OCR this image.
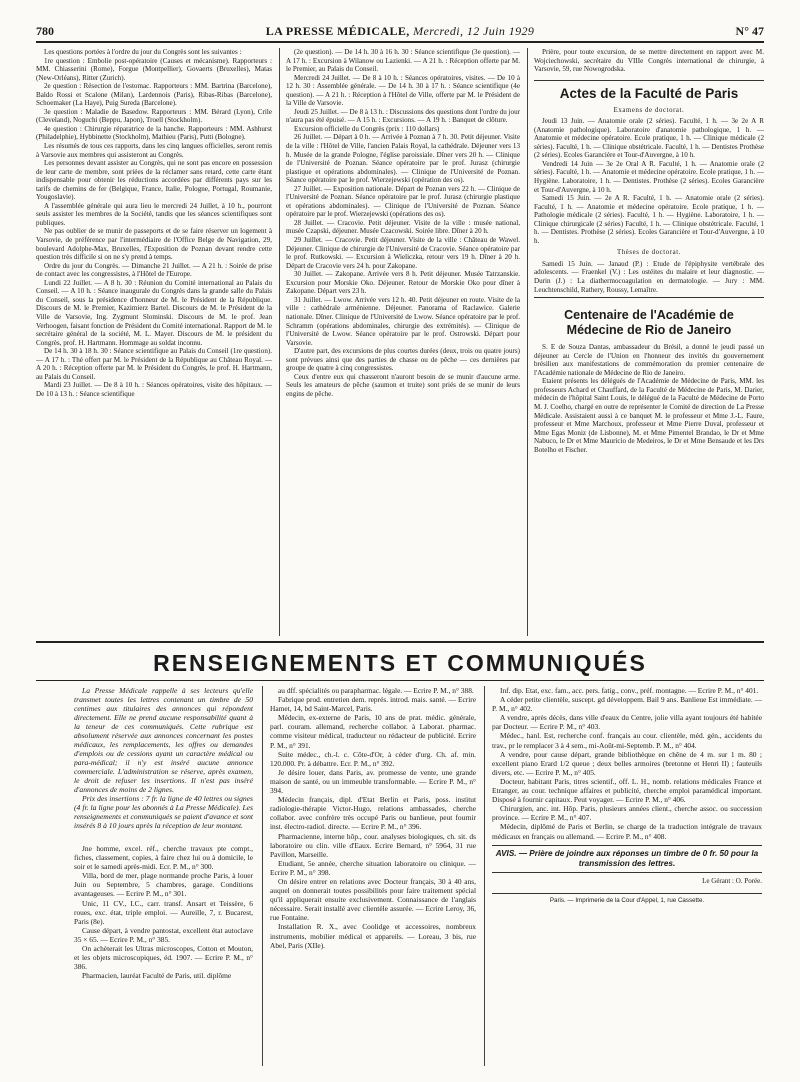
780	LA PRESSE MÉDICALE, Mercredi, 12 Juin 1929	N° 47

Les questions portées à l'ordre du jour du Congrès sont les suivantes :

1re question : Embolie post-opératoire (Causes et mécanisme). Rapporteurs : MM. Chiasserini (Rome), Forgue (Montpellier), Govaerts (Bruxelles), Matas (New-Orléans), Ritter (Zurich).

2e question : Résection de l'estomac. Rapporteurs : MM. Bartrina (Barcelone), Baldo Rossi et Scalone (Milan), Lardennois (Paris), Ribas-Ribas (Barcelone), Schoemaker (La Haye), Puig Sureda (Barcelone).

3e question : Maladie de Basedow. Rapporteurs : MM. Bérard (Lyon), Crile (Cleveland), Noguchi (Beppu, Japon), Troell (Stockholm).

4e question : Chirurgie réparatrice de la hanche. Rapporteurs : MM. Ashhurst (Philadelphie), Hybbinette (Stockholm), Mathieu (Paris), Putti (Bologne).

Les résumés de tous ces rapports, dans les cinq langues officielles, seront remis à Varsovie aux membres qui assisteront au Congrès.

Les personnes devant assister au Congrès, qui ne sont pas encore en possession de leur carte de membre, sont priées de la réclamer sans retard, cette carte étant indispensable pour obtenir les réductions accordées par différents pays sur les tarifs de chemins de fer (Belgique, France, Italie, Pologne, Portugal, Roumanie, Yougoslavie).

A l'assemblée générale qui aura lieu le mercredi 24 Juillet, à 10 h., pourront seuls assister les membres de la Société, tandis que les séances scientifiques sont publiques.

Ne pas oublier de se munir de passeports et de se faire réserver un logement à Varsovie, de préférence par l'intermédiaire de l'Office Belge de Navigation, 29, boulevard Adolphe-Max, Bruxelles, l'Exposition de Poznan devant rendre cette question très difficile si on ne s'y prend à temps.

Ordre du jour du Congrès. — Dimanche 21 Juillet. — A 21 h. : Soirée de prise de contact avec les congressistes, à l'Hôtel de l'Europe.

Lundi 22 Juillet. — A 8 h. 30 : Réunion du Comité international au Palais du Conseil. — A 10 h. : Séance inaugurale du Congrès dans la grande salle du Palais du Conseil, sous la présidence d'honneur de M. le Président de la République. Discours de M. le Premier, Kazimierz Bartel. Discours de M. le Président de la Ville de Varsovie, Ing. Zygmunt Slominski. Discours de M. le prof. Jean Verhoogen, faisant fonction de Président du Comité international. Rapport de M. le secrétaire général de la société, M. L. Mayer. Discours de M. le président du Congrès, prof. H. Hartmann. Hommage au soldat inconnu.

De 14 h. 30 à 18 h. 30 : Séance scientifique au Palais du Conseil (1re question). — A 17 h. : Thé offert par M. le Président de la République au Château Royal. — A 20 h. : Réception offerte par M. le Président du Congrès, le prof. H. Hartmann, au Palais du Conseil.

Mardi 23 Juillet. — De 8 à 10 h. : Séances opératoires, visite des hôpitaux. — De 10 à 13 h. : Séance scientifique

(2e question). — De 14 h. 30 à 16 h. 30 : Séance scientifique (3e question). — A 17 h. : Excursion à Wilanow ou Lazienki. — A 21 h. : Réception offerte par M. le Premier, au Palais du Conseil.

Mercredi 24 Juillet. — De 8 à 10 h. : Séances opératoires, visites. — De 10 à 12 h. 30 : Assemblée générale. — De 14 h. 30 à 17 h. : Séance scientifique (4e question). — A 21 h. : Réception à l'Hôtel de Ville, offerte par M. le Président de la Ville de Varsovie.

Jeudi 25 Juillet. — De 8 à 13 h. : Discussions des questions dont l'ordre du jour n'aura pas été épuisé. — A 15 h. : Excursions. — A 19 h. : Banquet de clôture.

Excursion officielle du Congrès (prix : 110 dollars)

26 Juillet. — Départ à 0 h. — Arrivée à Poznan à 7 h. 30. Petit déjeuner. Visite de la ville : l'Hôtel de Ville, l'ancien Palais Royal, la cathédrale. Déjeuner vers 13 h. Musée de la grande Pologne, l'église paroissiale. Dîner vers 20 h. — Clinique de l'Université de Poznan. Séance opératoire par le prof. Jurasz (chirurgie plastique et opérations abdominales). — Clinique de l'Université de Poznan. Séance opératoire par le prof. Wierzejewski (opération des os).

27 Juillet. — Exposition nationale. Départ de Poznan vers 22 h. — Clinique de l'Université de Poznan. Séance opératoire par le prof. Jurasz (chirurgie plastique et opérations abdominales). — Clinique de l'Université de Poznan. Séance opératoire par le prof. Wierzejewski (opérations des os).

28 Juillet. — Cracovie. Petit déjeuner. Visite de la ville : musée national, musée Czapski, déjeuner. Musée Czacowski. Soirée libre. Dîner à 20 h.

29 Juillet. — Cracovie. Petit déjeuner. Visite de la ville : Château de Wawel. Déjeuner. Clinique de chirurgie de l'Université de Cracovie. Séance opératoire par le prof. Rutkowski. — Excursion à Wieliczka, retour vers 19 h. Dîner à 20 h. Départ de Cracovie vers 24 h. pour Zakopane.

30 Juillet. — Zakopane. Arrivée vers 8 h. Petit déjeuner. Musée Tatrzanskie. Excursion pour Morskie Oko. Déjeuner. Retour de Morskie Oko pour dîner à Zakopane. Départ vers 23 h.

31 Juillet. — Lwow. Arrivée vers 12 h. 40. Petit déjeuner en route. Visite de la ville : cathédrale arménienne. Déjeuner. Panorama of Raclawice. Galerie nationale. Dîner. Clinique de l'Université de Lwow. Séance opératoire par le prof. Schramm (opérations abdominales, chirurgie des extrémités). — Clinique de l'Université de Lwow. Séance opératoire par le prof. Ostrowski. Départ pour Varsovie.

D'autre part, des excursions de plus courtes durées (deux, trois ou quatre jours) sont prévues ainsi que des parties de chasse ou de pêche — ces dernières par groupe de quatre à cinq congressistes.

Ceux d'entre eux qui chasseront n'auront besoin de se munir d'aucune arme. Seuls les amateurs de pêche (saumon et truite) sont priés de se munir de leurs engins de pêche.

Prière, pour toute excursion, de se mettre directement en rapport avec M. Wojciechowski, secrétaire du VIIIe Congrès international de chirurgie, à Varsovie, 59, rue Nowogrodska.

Actes de la Faculté de Paris
Examens de doctorat.

Jeudi 13 Juin. — Anatomie orale (2 séries). Faculté, 1 h. — 3e 2e A R (Anatomie pathologique). Laboratoire d'anatomie pathologique, 1 h. — Anatomie et médecine opératoire. Ecole pratique, 1 h. — Clinique médicale (2 séries). Faculté, 1 h. — Clinique obstétricale. Faculté, 1 h. — Dentistes Prothèse (2 séries). Ecoles Garancière et Tour-d'Auvergne, à 10 h.

Vendredi 14 Juin — 3e 2e Oral A R. Faculté, 1 h. — Anatomie orale (2 séries). Faculté, 1 h. — Anatomie et médecine opératoire. Ecole pratique, 1 h. — Hygiène. Laboratoire, 1 h. — Dentistes. Prothèse (2 séries). Ecoles Garancière et Tour-d'Auvergne, à 10 h.

Samedi 15 Juin. — 2e A R. Faculté, 1 h. — Anatomie orale (2 séries). Faculté, 1 h. — Anatomie et médecine opératoire. Ecole pratique, 1 h. — Pathologie médicale (2 séries). Faculté, 1 h. — Hygiène. Laboratoire, 1 h. — Clinique chirurgicale (2 séries) Faculté, 1 h. — Clinique obstétricale. Faculté, 1 h. — Dentistes. Prothèse (2 séries). Ecoles Garancière et Tour-d'Auvergne, à 10 h.

Thèses de doctorat.

Samedi 15 Juin. — Janaud (P.) : Etude de l'épiphysite vertébrale des adolescents. — Fraenkel (V.) : Les ostéites du malaire et leur diagnostic. — Durin (J.) : La diathermocoagulation en dermatologie. — Jury : MM. Leuchtenschild, Rathery, Roussy, Lemaître.

Centenaire de l'Académie de Médecine de Rio de Janeiro

S. E de Souza Dantas, ambassadeur du Brésil, a donné le jeudi passé un déjeuner au Cercle de l'Union en l'honneur des invités du gouvernement brésilien aux manifestations de commémoration du premier centenaire de l'Académie nationale de Médecine de Rio de Janeiro.

Etaient présents les délégués de l'Académie de Médecine de Paris, MM. les professeurs Achard et Chauffard, de la Faculté de Médecine de Paris, M. Darier, médecin de l'hôpital Saint Louis, le délégué de la Faculté de Médecine de Porto M. J. Coelho, chargé en outre de représenter le Comité de direction de La Presse Médicale. Assistaient aussi à ce banquet M. le professeur et Mme J.-L. Faure, professeur et Mme Marchoux, professeur et Mme Pierre Duval, professeur et Mme Egas Moniz (de Lisbonne), M. et Mme Pimentel Brandao, le Dr et Mme Nabuco, le Dr et Mme Mauricio de Medeiros, le Dr et Mme Bensaude et les Drs Botelho et Fischer.

RENSEIGNEMENTS ET COMMUNIQUÉS

La Presse Médicale rappelle à ses lecteurs qu'elle transmet toutes les lettres contenant un timbre de 50 centimes aux titulaires des annonces qui répondent directement. Elle ne prend aucune responsabilité quant à la teneur de ces communiqués. Cette rubrique est absolument réservée aux annonces concernant les postes médicaux, les remplacements, les offres ou demandes d'emplois ou de cessions ayant un caractère médical ou para-médical; il n'y est inséré aucune annonce commerciale. L'administration se réserve, après examen, le droit de refuser les insertions. Il n'est pas inséré d'annonces de moins de 2 lignes.

Prix des insertions : 7 fr. la ligne de 40 lettres ou signes (4 fr. la ligne pour les abonnés à La Presse Médicale). Les renseignements et communiqués se paient d'avance et sont insérés 8 à 10 jours après la réception de leur montant.

Jne homme, excel. réf., cherche travaux pte compt., fiches, classement, copies, à faire chez lui ou à domicile, le soir et le samedi après-midi. Ecr. P. M., n° 300.

Villa, bord de mer, plage normande proche Paris, à louer Juin ou Septembre, 5 chambres, garage. Conditions avantageuses. — Ecrire P. M., n° 301.

Unic, 11 CV., I.C., carr. transf. Ansart et Teissère, 6 roues, exc. état, triple emploi. — Aureille, 7, r. Bucarest, Paris (8e).

Cause départ, à vendre pantostat, excellent état autoclave 35 × 65. — Ecrire P. M., n° 385.

On achèterait les Ultras microscopes, Cotton et Mouton, et les objets microscopiques, éd. 1907. — Ecrire P. M., n° 386.

Pharmacien, lauréat Faculté de Paris, util. diplôme

au dff. spécialités ou parapharmac. légale. — Ecrire P. M., n° 388.

Fabrique prod. entretien dem. représ. introd. mais. santé. — Ecrire Hamet, 14, bd Saint-Marcel, Paris.

Médecin, ex-externe de Paris, 10 ans de prat. médic. générale, parl. couram. allemand, recherche collabor. à Laborat. pharmac. comme visiteur médical, traducteur ou rédacteur de publicité. Ecrire P. M., n° 391.

Suite médec., ch.-l. c. Côte-d'Or, à céder d'urg. Ch. af. min. 120.000. Pr. à débattre. Ecr. P. M., n° 392.

Je désire louer, dans Paris, av. promesse de vente, une grande maison de santé, ou un immeuble transformable. — Ecrire P. M., n° 394.

Médecin français, dipl. d'Etat Berlin et Paris, poss. institut radiologie-thérapie Victor-Hugo, relations ambassades, cherche collabor. avec confrère très occupé Paris ou banlieue, peut fournir inst. électro-radiol. directe. — Ecrire P. M., n° 396.

Pharmacienne, interne hôp., cour. analyses biologiques, ch. sit. ds laboratoire ou clin. ville d'Eaux. Ecrire Bernard, n° 5964, 31 rue Pavillon, Marseille.

Etudiant, 5e année, cherche situation laboratoire ou clinique. — Ecrire P. M., n° 398.

On désire entrer en relations avec Docteur français, 30 à 40 ans, auquel on donnerait toutes possibilités pour faire traitement spécial qu'il appliquerait ensuite exclusivement. Connaissance de l'anglais nécessaire. Serait installé avec clientèle assurée. — Ecrire Leroy, 36, rue Fontaine.

Installation R. X., avec Coolidge et accessoires, nombreux instruments, mobilier médical et appareils. — Loreau, 3 bis, rue Abel, Paris (XIIe).

Inf. dip. Etat, exc. fam., acc. pers. fatig., conv., préf. montagne. — Ecrire P. M., n° 401.

A céder petite clientèle, suscept. gd développem. Bail 9 ans. Banlieue Est immédiate. — P. M., n° 402.

A vendre, après décès, dans ville d'eaux du Centre, jolie villa ayant toujours été habitée par Docteur. — Ecrire P. M., n° 403.

Médec., hanl. Est, recherche conf. français au cour. clientèle, méd. gén., accidents du trav., pr le remplacer 3 à 4 sem., mi-Août-mi-Septemb. P. M., n° 404.

A vendre, pour cause départ, grande bibliothèque en chêne de 4 m. sur 1 m. 80 ; excellent piano Erard 1/2 queue ; deux belles armoires (bretonne et Henri II) ; fauteuils divers, etc. — Ecrire P. M., n° 405.

Docteur, habitant Paris, titres scientif., off. L. H., nomb. relations médicales France et Etranger, au cour. technique affaires et publicité, cherche emploi paramédical important. Disposé à fournir capitaux. Peut voyager. — Ecrire P. M., n° 406.

Chirurgien, anc. int. Hôp. Paris, plusieurs années client., cherche assoc. ou succession province. — Ecrire P. M., n° 407.

Médecin, diplômé de Paris et Berlin, se charge de la traduction intégrale de travaux médicaux en français ou allemand. — Ecrire P. M., n° 408.

AVIS. — Prière de joindre aux réponses un timbre de 0 fr. 50 pour la transmission des lettres.
Le Gérant : O. Porée.
Paris. — Imprimerie de la Cour d'Appel, 1, rue Cassette.
